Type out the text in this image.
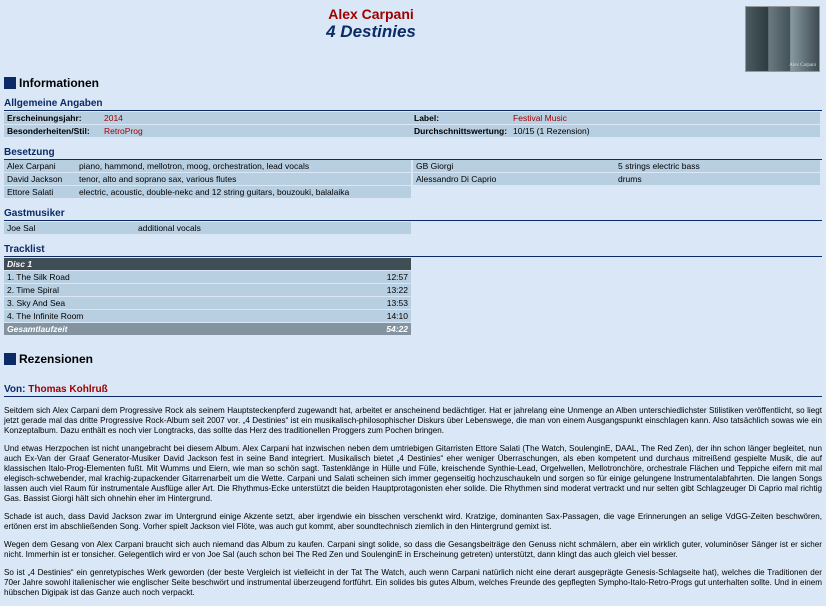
Alex Carpani
4 Destinies
Alex Carpani
Informationen
Allgemeine Angaben
Erscheinungsjahr:	2014	Label:	Festival Music
Besonderheiten/Stil:	RetroProg	Durchschnittswertung:	10/15 (1 Rezension)
Besetzung
Alex Carpani	piano, hammond, mellotron, moog, orchestration, lead vocals
David Jackson	tenor, alto and soprano sax, various flutes
Ettore Salati	electric, acoustic, double-nekc and 12 string guitars, bouzouki, balalaika
GB Giorgi	5 strings electric bass
Alessandro Di Caprio	drums
Gastmusiker
Joe Sal	additional vocals
Tracklist
Disc 1	
1. The Silk Road	12:57
2. Time Spiral	13:22
3. Sky And Sea	13:53
4. The Infinite Room	14:10
Gesamtlaufzeit	54:22
Rezensionen
Von: Thomas Kohlruß

Seitdem sich Alex Carpani dem Progressive Rock als seinem Hauptsteckenpferd zugewandt hat, arbeitet er anscheinend bedächtiger. Hat er jahrelang eine Unmenge an Alben unterschiedlichster Stilistiken veröffentlicht, so liegt jetzt gerade mal das dritte Progressive Rock-Album seit 2007 vor. „4 Destinies“ ist ein musikalisch-philosophischer Diskurs über Lebenswege, die man von einem Ausgangspunkt einschlagen kann. Also tatsächlich sowas wie ein Konzeptalbum. Dazu enthält es noch vier Longtracks, das sollte das Herz des traditionellen Proggers zum Pochen bringen.

Und etwas Herzpochen ist nicht unangebracht bei diesem Album. Alex Carpani hat inzwischen neben dem umtriebigen Gitarristen Ettore Salati (The Watch, SoulenginE, DAAL, The Red Zen), der ihn schon länger begleitet, nun auch Ex-Van der Graaf Generator-Musiker David Jackson fest in seine Band integriert. Musikalisch bietet „4 Destinies“ eher weniger Überraschungen, als eben kompetent und durchaus mitreißend gespielte Musik, die auf klassischen Italo-Prog-Elementen fußt. Mit Wumms und Eiern, wie man so schön sagt. Tastenklänge in Hülle und Fülle, kreischende Synthie-Lead, Orgelwellen, Mellotronchöre, orchestrale Flächen und Teppiche eifern mit mal elegisch-schwebender, mal krachig-zupackender Gitarrenarbeit um die Wette. Carpani und Salati scheinen sich immer gegenseitig hochzuschaukeln und sorgen so für einige gelungene Instrumentalabfahrten. Die langen Songs lassen auch viel Raum für instrumentale Ausflüge aller Art. Die Rhythmus-Ecke unterstützt die beiden Hauptprotagonisten eher solide. Die Rhythmen sind moderat vertrackt und nur selten gibt Schlagzeuger Di Caprio mal richtig Gas. Bassist Giorgi hält sich ohnehin eher im Hintergrund.

Schade ist auch, dass David Jackson zwar im Untergrund einige Akzente setzt, aber irgendwie ein bisschen verschenkt wird. Kratzige, dominanten Sax-Passagen, die vage Erinnerungen an selige VdGG-Zeiten beschwören, ertönen erst im abschließenden Song. Vorher spielt Jackson viel Flöte, was auch gut kommt, aber soundtechnisch ziemlich in den Hintergrund gemixt ist.

Wegen dem Gesang von Alex Carpani braucht sich auch niemand das Album zu kaufen. Carpani singt solide, so dass die Gesangsbeiträge den Genuss nicht schmälern, aber ein wirklich guter, voluminöser Sänger ist er sicher nicht. Immerhin ist er tonsicher. Gelegentlich wird er von Joe Sal (auch schon bei The Red Zen und SoulenginE in Erscheinung getreten) unterstützt, dann klingt das auch gleich viel besser.

So ist „4 Destinies“ ein genretypisches Werk geworden (der beste Vergleich ist vielleicht in der Tat The Watch, auch wenn Carpani natürlich nicht eine derart ausgeprägte Genesis-Schlagseite hat), welches die Traditionen der 70er Jahre sowohl italienischer wie englischer Seite beschwört und instrumental überzeugend fortführt. Ein solides bis gutes Album, welches Freunde des gepflegten Sympho-Italo-Retro-Progs gut unterhalten sollte. Und in einem hübschen Digipak ist das Ganze auch noch verpackt.
